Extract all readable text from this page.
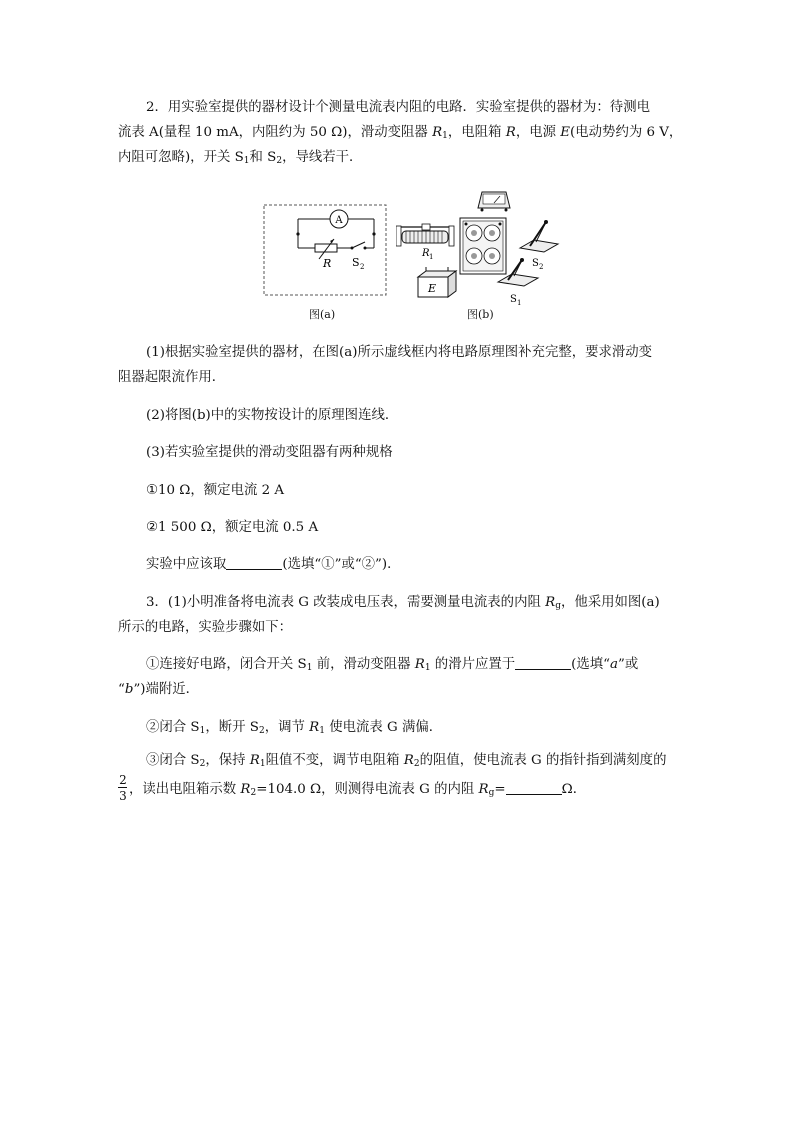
2．用实验室提供的器材设计个测量电流表内阻的电路．实验室提供的器材为：待测电
流表 A(量程 10 mA，内阻约为 50 Ω)，滑动变阻器 $R_1$，电阻箱 R，电源 E(电动势约为 6 V，
内阻可忽略)，开关 $S_1$和 $S_2$，导线若干．
A
R S 2
图(a)
R 1
E
S 2
S 1
图(b)
(1)根据实验室提供的器材，在图(a)所示虚线框内将电路原理图补充完整，要求滑动变
阻器起限流作用．
(2)将图(b)中的实物按设计的原理图连线．
(3)若实验室提供的滑动变阻器有两种规格
①10 Ω，额定电流 2 A
②1 500 Ω，额定电流 0.5 A
实验中应该取	(选填“①”或“②”)．
3．(1)小明准备将电流表 G 改装成电压表，需要测量电流表的内阻 $R_g$，他采用如图(a)
所示的电路，实验步骤如下：
①连接好电路，闭合开关 $S_1$ 前，滑动变阻器 $R_1$ 的滑片应置于	(选填“a”或
“b”)端附近．
②闭合 $S_1$，断开 $S_2$，调节 $R_1$ 使电流表 G 满偏．
③闭合 $S_2$，保持 $R_1$阻值不变，调节电阻箱 $R_2$的阻值，使电流表 G 的指针指到满刻度的
2
3 ，读出电阻箱示数 $R_2=104.0$ Ω，则测得电流表 G 的内阻 $R_g=$	Ω．
